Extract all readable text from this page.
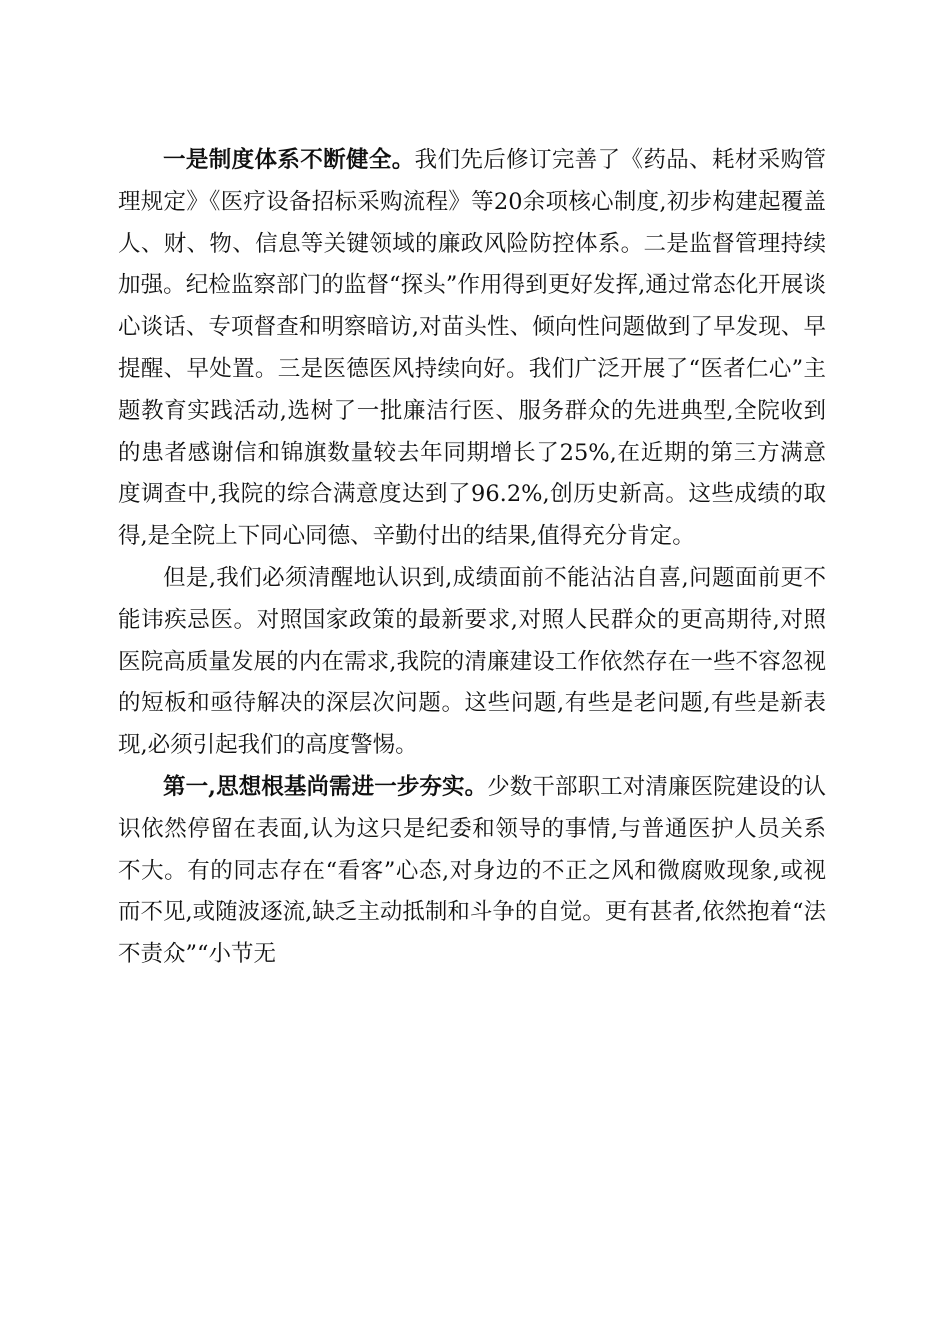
一是制度体系不断健全。我们先后修订完善了《药品、耗材采购管理规定》《医疗设备招标采购流程》等20余项核心制度,初步构建起覆盖人、财、物、信息等关键领域的廉政风险防控体系。二是监督管理持续加强。纪检监察部门的监督“探头”作用得到更好发挥,通过常态化开展谈心谈话、专项督查和明察暗访,对苗头性、倾向性问题做到了早发现、早提醒、早处置。三是医德医风持续向好。我们广泛开展了“医者仁心”主题教育实践活动,选树了一批廉洁行医、服务群众的先进典型,全院收到的患者感谢信和锦旗数量较去年同期增长了25%,在近期的第三方满意度调查中,我院的综合满意度达到了96.2%,创历史新高。这些成绩的取得,是全院上下同心同德、辛勤付出的结果,值得充分肯定。

但是,我们必须清醒地认识到,成绩面前不能沾沾自喜,问题面前更不能讳疾忌医。对照国家政策的最新要求,对照人民群众的更高期待,对照医院高质量发展的内在需求,我院的清廉建设工作依然存在一些不容忽视的短板和亟待解决的深层次问题。这些问题,有些是老问题,有些是新表现,必须引起我们的高度警惕。

第一,思想根基尚需进一步夯实。少数干部职工对清廉医院建设的认识依然停留在表面,认为这只是纪委和领导的事情,与普通医护人员关系不大。有的同志存在“看客”心态,对身边的不正之风和微腐败现象,或视而不见,或随波逐流,缺乏主动抵制和斗争的自觉。更有甚者,依然抱着“法不责众”“小节无
